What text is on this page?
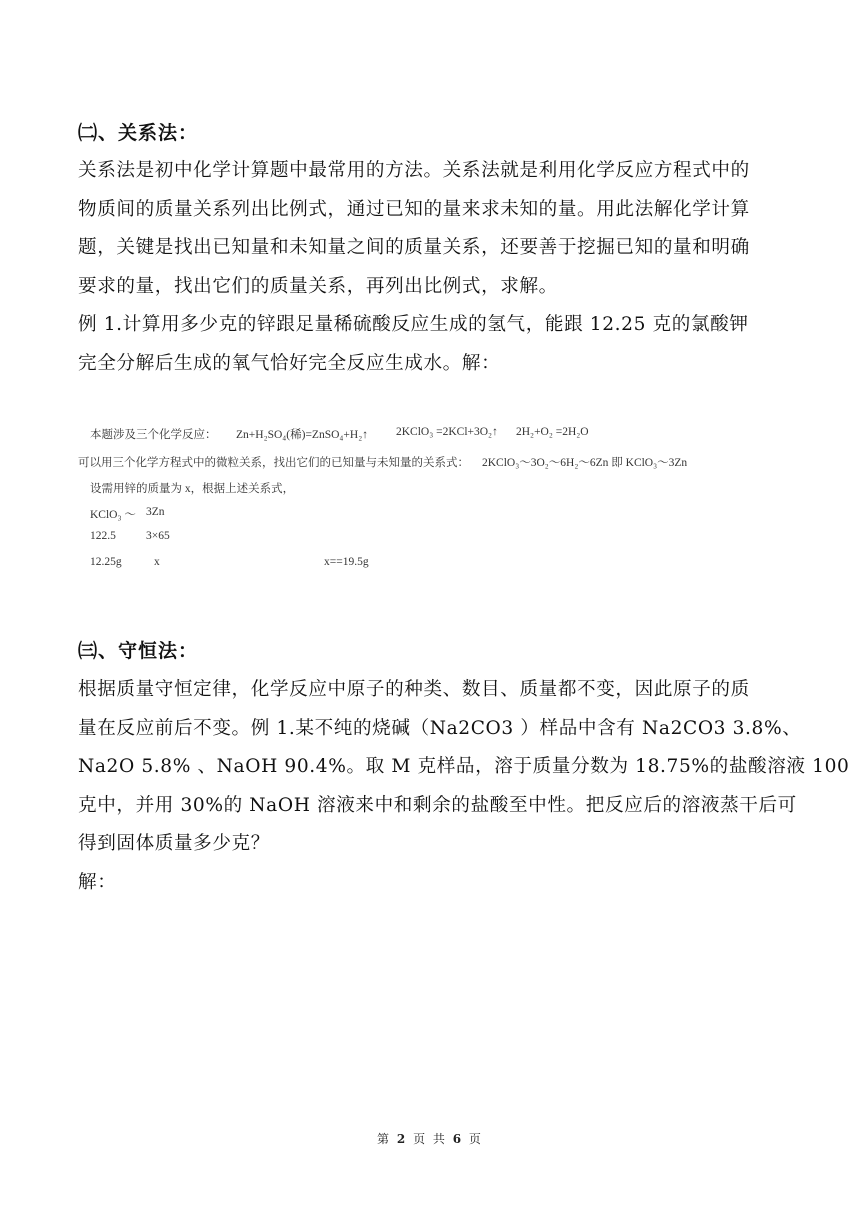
㈡、关系法：
关系法是初中化学计算题中最常用的方法。关系法就是利用化学反应方程式中的
物质间的质量关系列出比例式，通过已知的量来求未知的量。用此法解化学计算
题，关键是找出已知量和未知量之间的质量关系，还要善于挖掘已知的量和明确
要求的量，找出它们的质量关系，再列出比例式，求解。
例 1.计算用多少克的锌跟足量稀硫酸反应生成的氢气，能跟 12.25 克的氯酸钾
完全分解后生成的氧气恰好完全反应生成水。解：
本题涉及三个化学反应： Zn+H₂SO₄(稀)=ZnSO₄+H₂↑ 2KClO₃ =2KCl+3O₂↑ 2H₂+O₂ =2H₂O
可以用三个化学方程式中的微粒关系，找出它们的已知量与未知量的关系式： 2KClO₃～3O₂～6H₂～6Zn 即 KClO₃～3Zn
设需用锌的质量为 x，根据上述关系式，
KClO₃ ～ 3Zn
122.5	3×65
12.25g	x	x==19.5g
㈢、守恒法：
根据质量守恒定律，化学反应中原子的种类、数目、质量都不变，因此原子的质
量在反应前后不变。例 1.某不纯的烧碱（Na2CO3 ）样品中含有 Na2CO3 3.8%、
Na2O 5.8% 、NaOH 90.4%。取 M 克样品，溶于质量分数为 18.75%的盐酸溶液 100
克中，并用 30%的 NaOH 溶液来中和剩余的盐酸至中性。把反应后的溶液蒸干后可
得到固体质量多少克？
解：
第 2 页 共 6 页
